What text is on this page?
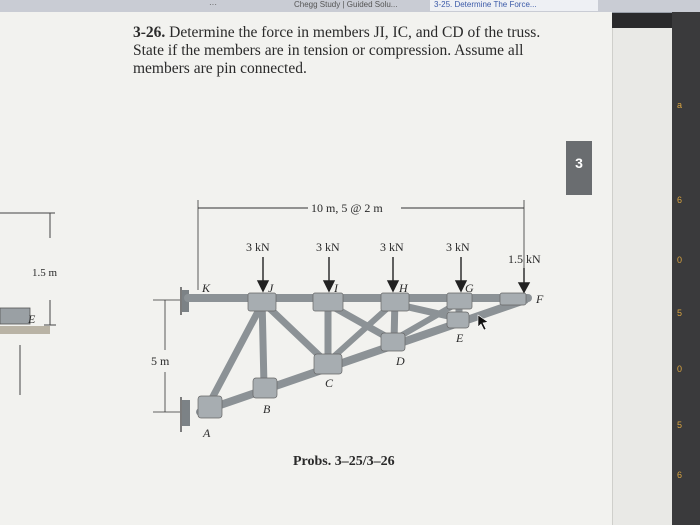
···	Chegg Study | Guided Solu...	3-25. Determine The Force...
a
6
0
5
0
5
6
3
3-26. Determine the force in members JI, IC, and CD of the truss. State if the members are in tension or compression. Assume all members are pin connected.
1.5 m
E
10 m, 5 @ 2 m
5 m
3 kN	3 kN	3 kN	3 kN
1.5 kN
K	J	I	H	G
F
E
D
C
B
A
Probs. 3–25/3–26
